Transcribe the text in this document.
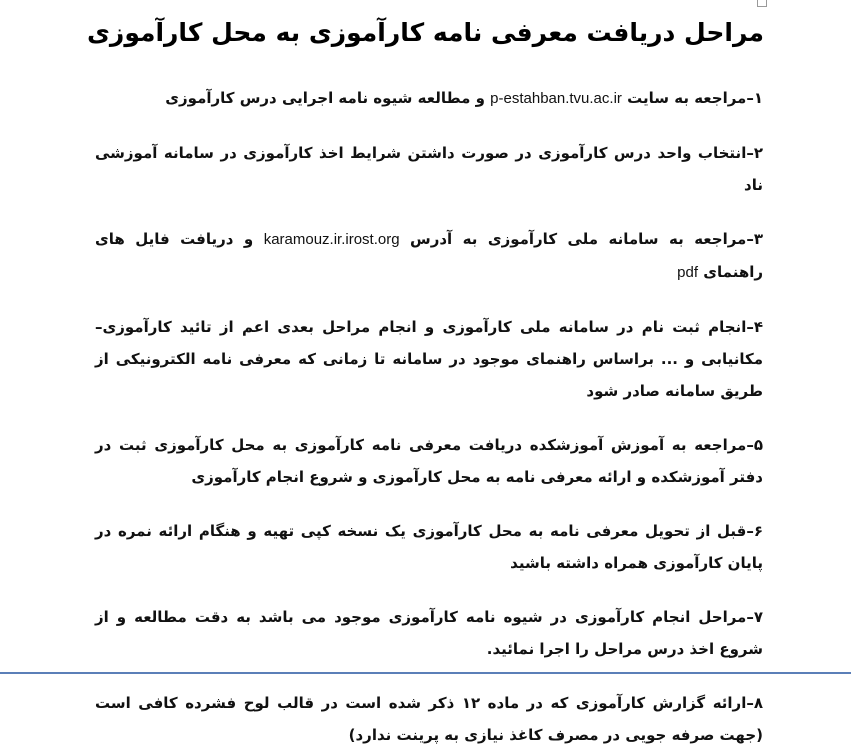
مراحل دریافت معرفی نامه کارآموزی به محل کارآموزی
۱–مراجعه به سایت p-estahban.tvu.ac.ir و مطالعه شیوه نامه اجرایی درس کارآموزی
۲–انتخاب واحد درس کارآموزی در صورت داشتن شرایط اخذ کارآموزی در سامانه آموزشی ناد
۳–مراجعه به سامانه ملی کارآموزی به آدرس karamouz.ir.irost.org و دریافت فایل های راهنمای pdf
۴–انجام ثبت نام در سامانه ملی کارآموزی و انجام مراحل بعدی اعم از تائید کارآموزی–مکانیابی و ... براساس راهنمای موجود در سامانه تا زمانی که معرفی نامه الکترونیکی از طریق سامانه صادر شود
۵–مراجعه به آموزش آموزشکده دریافت معرفی نامه کارآموزی به محل کارآموزی ثبت در دفتر آموزشکده و ارائه معرفی نامه به محل کارآموزی و شروع انجام کارآموزی
۶–قبل از تحویل معرفی نامه به محل کارآموزی یک نسخه کپی تهیه و هنگام ارائه نمره در پایان کارآموزی همراه داشته باشید
۷–مراحل انجام کارآموزی در شیوه نامه کارآموزی موجود می باشد به دقت مطالعه و از شروع اخذ درس مراحل را اجرا نمائید.
۸–ارائه گزارش کارآموزی که در ماده ۱۲ ذکر شده است در قالب لوح فشرده کافی است (جهت صرفه جویی در مصرف کاغذ نیازی به پرینت ندارد)
